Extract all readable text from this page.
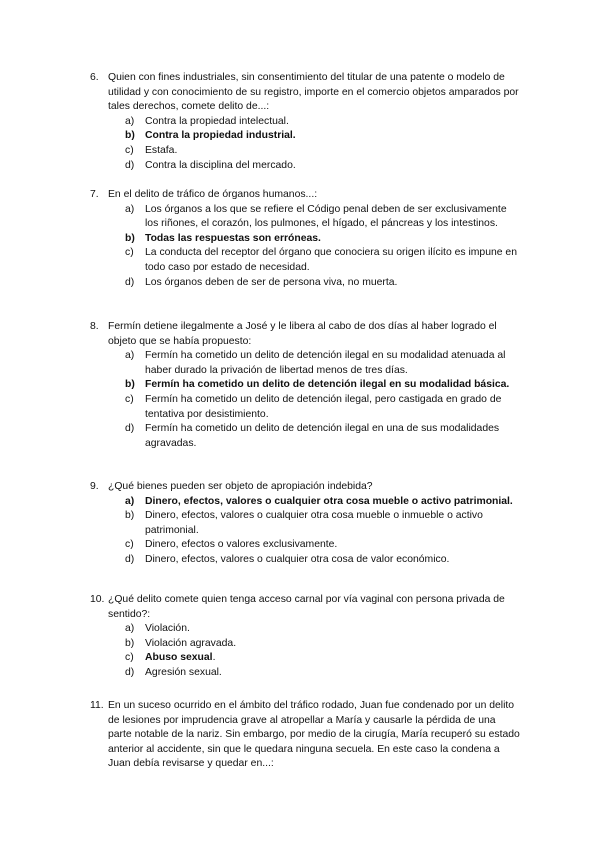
6. Quien con fines industriales, sin consentimiento del titular de una patente o modelo de utilidad y con conocimiento de su registro, importe en el comercio objetos amparados por tales derechos, comete delito de...:
a)	Contra la propiedad intelectual.
b) Contra la propiedad industrial.
c)	Estafa.
d)	Contra la disciplina del mercado.
7. En el delito de tráfico de órganos humanos...:
a)	Los órganos a los que se refiere el Código penal deben de ser exclusivamente los riñones, el corazón, los pulmones, el hígado, el páncreas y los intestinos.
b) Todas las respuestas son erróneas.
c)	La conducta del receptor del órgano que conociera su origen ilícito es impune en todo caso por estado de necesidad.
d)	Los órganos deben de ser de persona viva, no muerta.
8. Fermín detiene ilegalmente a José y le libera al cabo de dos días al haber logrado el objeto que se había propuesto:
a)	Fermín ha cometido un delito de detención ilegal en su modalidad atenuada al haber durado la privación de libertad menos de tres días.
b) Fermín ha cometido un delito de detención ilegal en su modalidad básica.
c)	Fermín ha cometido un delito de detención ilegal, pero castigada en grado de tentativa por desistimiento.
d)	Fermín ha cometido un delito de detención ilegal en una de sus modalidades agravadas.
9. ¿Qué bienes pueden ser objeto de apropiación indebida?
a)	Dinero, efectos, valores o cualquier otra cosa mueble o activo patrimonial.
b)	Dinero, efectos, valores o cualquier otra cosa mueble o inmueble o activo patrimonial.
c)	Dinero, efectos o valores exclusivamente.
d)	Dinero, efectos, valores o cualquier otra cosa de valor económico.
10. ¿Qué delito comete quien tenga acceso carnal por vía vaginal con persona privada de sentido?:
a)	Violación.
b)	Violación agravada.
c)	Abuso sexual.
d)	Agresión sexual.
11. En un suceso ocurrido en el ámbito del tráfico rodado, Juan fue condenado por un delito de lesiones por imprudencia grave al atropellar a María y causarle la pérdida de una parte notable de la nariz. Sin embargo, por medio de la cirugía, María recuperó su estado anterior al accidente, sin que le quedara ninguna secuela. En este caso la condena a Juan debía revisarse y quedar en...:
